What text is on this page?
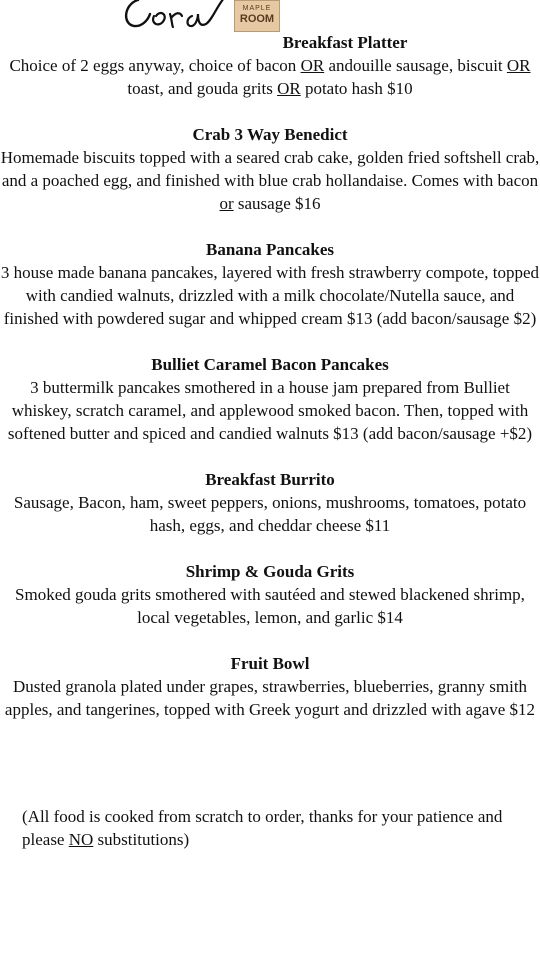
MAPLE
ROOM
Breakfast Platter
Choice of 2 eggs anyway, choice of bacon OR andouille sausage, biscuit OR toast, and gouda grits OR potato hash $10
Crab 3 Way Benedict
Homemade biscuits topped with a seared crab cake, golden fried softshell crab, and a poached egg, and finished with blue crab hollandaise. Comes with bacon or sausage $16
Banana Pancakes
3 house made banana pancakes, layered with fresh strawberry compote, topped with candied walnuts, drizzled with a milk chocolate/Nutella sauce, and finished with powdered sugar and whipped cream $13 (add bacon/sausage $2)
Bulliet Caramel Bacon Pancakes
3 buttermilk pancakes smothered in a house jam prepared from Bulliet whiskey, scratch caramel, and applewood smoked bacon. Then, topped with softened butter and spiced and candied walnuts $13 (add bacon/sausage +$2)
Breakfast Burrito
Sausage, Bacon, ham, sweet peppers, onions, mushrooms, tomatoes, potato hash, eggs, and cheddar cheese $11
Shrimp & Gouda Grits
Smoked gouda grits smothered with sautéed and stewed blackened shrimp, local vegetables, lemon, and garlic $14
Fruit Bowl
Dusted granola plated under grapes, strawberries, blueberries, granny smith apples, and tangerines, topped with Greek yogurt and drizzled with agave $12
(All food is cooked from scratch to order, thanks for your patience and please NO substitutions)
